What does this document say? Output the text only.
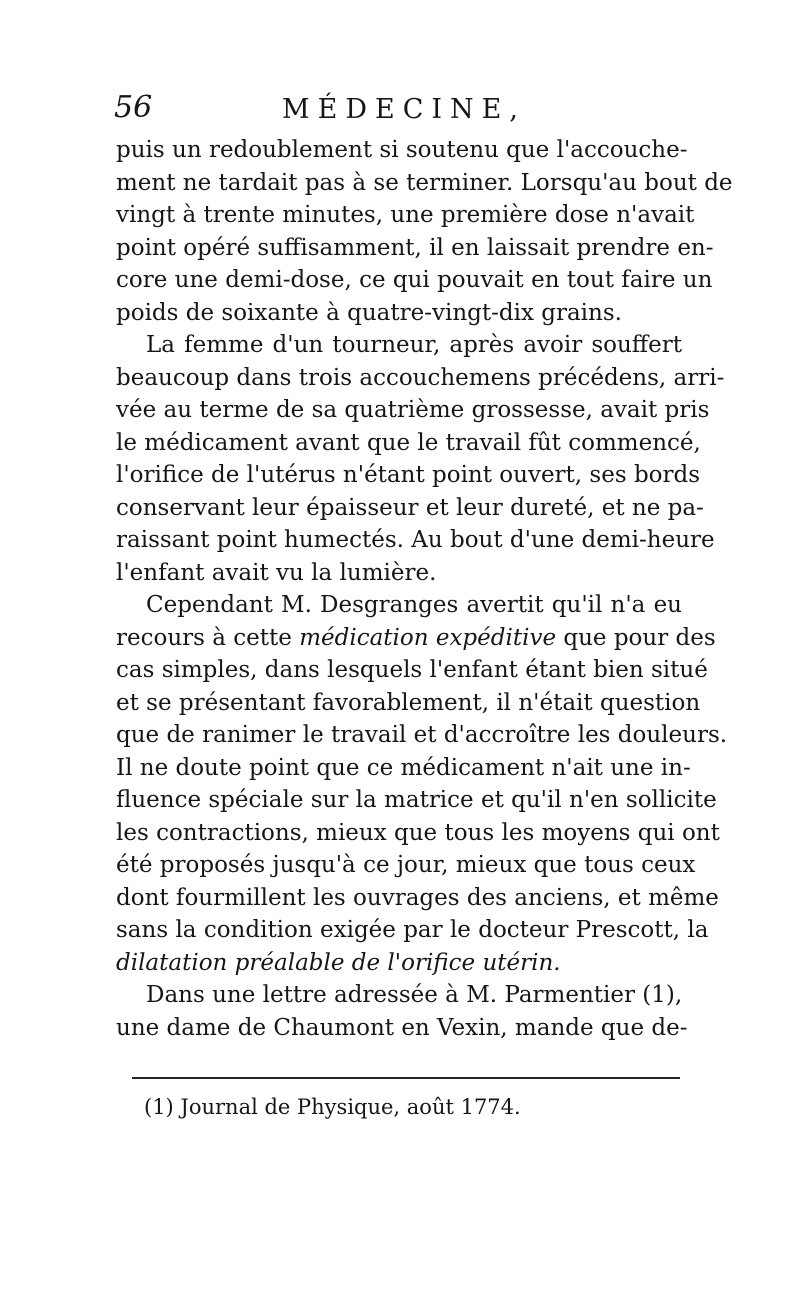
56	MÉDECINE,
puis un redoublement si soutenu que l'accouche-
ment ne tardait pas à se terminer. Lorsqu'au bout de
vingt à trente minutes, une première dose n'avait
point opéré suffisamment, il en laissait prendre en-
core une demi-dose, ce qui pouvait en tout faire un
poids de soixante à quatre-vingt-dix grains.
La femme d'un tourneur, après avoir souffert
beaucoup dans trois accouchemens précédens, arri-
vée au terme de sa quatrième grossesse, avait pris
le médicament avant que le travail fût commencé,
l'orifice de l'utérus n'étant point ouvert, ses bords
conservant leur épaisseur et leur dureté, et ne pa-
raissant point humectés. Au bout d'une demi-heure
l'enfant avait vu la lumière.
Cependant M. Desgranges avertit qu'il n'a eu
recours à cette médication expéditive que pour des
cas simples, dans lesquels l'enfant étant bien situé
et se présentant favorablement, il n'était question
que de ranimer le travail et d'accroître les douleurs.
Il ne doute point que ce médicament n'ait une in-
fluence spéciale sur la matrice et qu'il n'en sollicite
les contractions, mieux que tous les moyens qui ont
été proposés jusqu'à ce jour, mieux que tous ceux
dont fourmillent les ouvrages des anciens, et même
sans la condition exigée par le docteur Prescott, la
dilatation préalable de l'orifice utérin.
Dans une lettre adressée à M. Parmentier (1),
une dame de Chaumont en Vexin, mande que de-
(1) Journal de Physique, août 1774.
